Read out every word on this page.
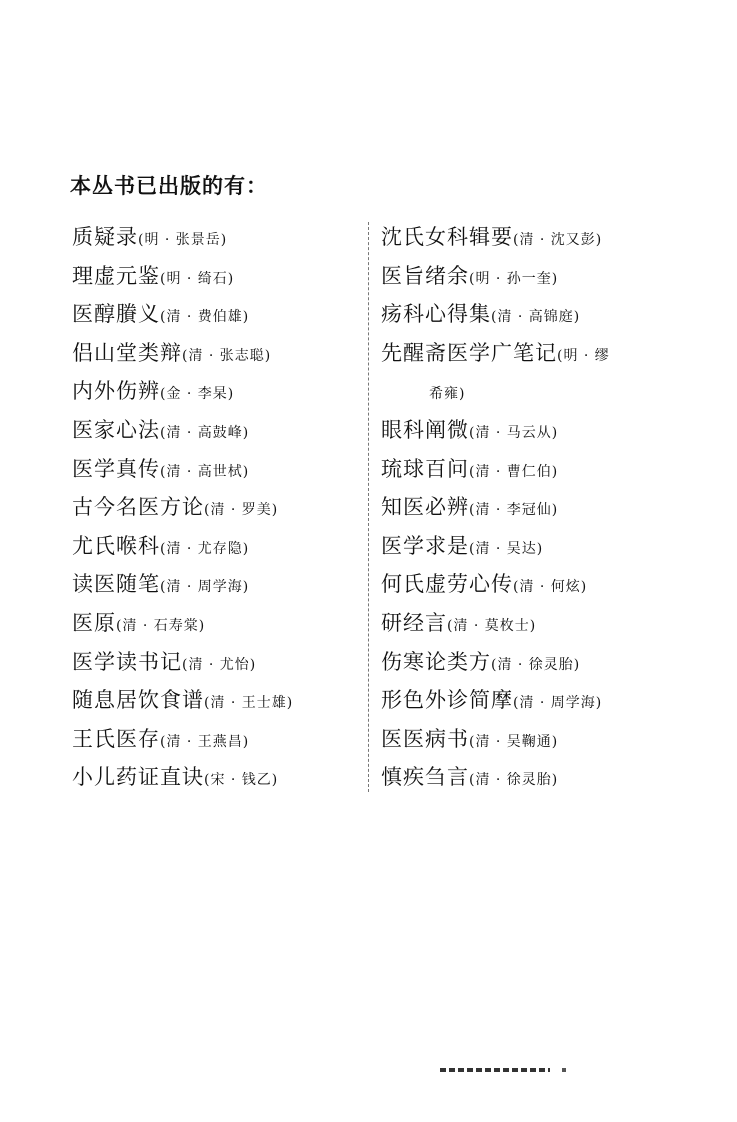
本丛书已出版的有：
质疑录(明 · 张景岳)
理虚元鉴(明 · 绮石)
医醇賸义(清 · 费伯雄)
侣山堂类辩(清 · 张志聪)
内外伤辨(金 · 李杲)
医家心法(清 · 高鼓峰)
医学真传(清 · 高世栻)
古今名医方论(清 · 罗美)
尤氏喉科(清 · 尤存隐)
读医随笔(清 · 周学海)
医原(清 · 石寿棠)
医学读书记(清 · 尤怡)
随息居饮食谱(清 · 王士雄)
王氏医存(清 · 王燕昌)
小儿药证直诀(宋 · 钱乙)
沈氏女科辑要(清 · 沈又彭)
医旨绪余(明 · 孙一奎)
疡科心得集(清 · 高锦庭)
先醒斋医学广笔记(明 · 缪
希雍)
眼科阐微(清 · 马云从)
琉球百问(清 · 曹仁伯)
知医必辨(清 · 李冠仙)
医学求是(清 · 吴达)
何氏虚劳心传(清 · 何炫)
研经言(清 · 莫枚士)
伤寒论类方(清 · 徐灵胎)
形色外诊简摩(清 · 周学海)
医医病书(清 · 吴鞠通)
慎疾刍言(清 · 徐灵胎)
